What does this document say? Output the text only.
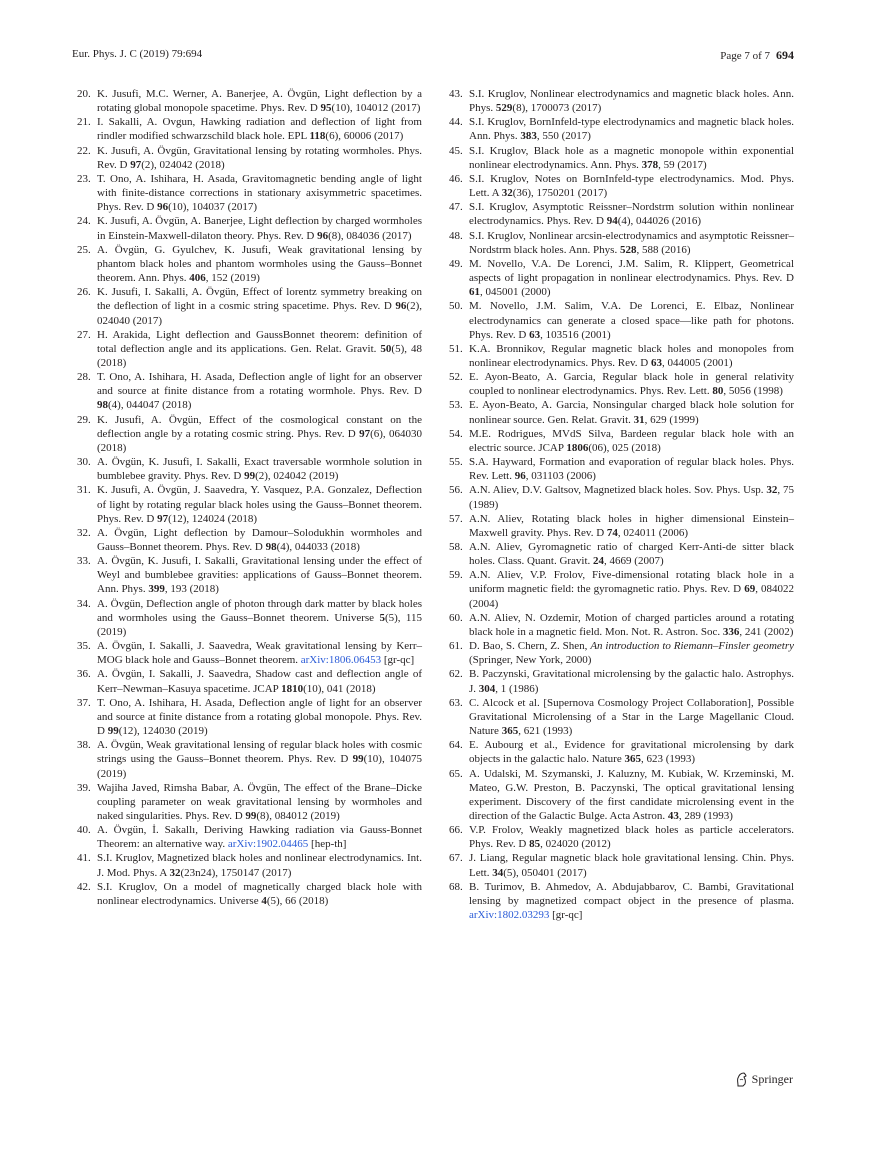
Eur. Phys. J. C (2019) 79:694	Page 7 of 7 694

20. K. Jusufi, M.C. Werner, A. Banerjee, A. Övgün, Light deflection by a rotating global monopole spacetime. Phys. Rev. D 95(10), 104012 (2017)

21. I. Sakalli, A. Ovgun, Hawking radiation and deflection of light from rindler modified schwarzschild black hole. EPL 118(6), 60006 (2017)

22. K. Jusufi, A. Övgün, Gravitational lensing by rotating wormholes. Phys. Rev. D 97(2), 024042 (2018)

23. T. Ono, A. Ishihara, H. Asada, Gravitomagnetic bending angle of light with finite-distance corrections in stationary axisymmetric spacetimes. Phys. Rev. D 96(10), 104037 (2017)

24. K. Jusufi, A. Övgün, A. Banerjee, Light deflection by charged wormholes in Einstein-Maxwell-dilaton theory. Phys. Rev. D 96(8), 084036 (2017)

25. A. Övgün, G. Gyulchev, K. Jusufi, Weak gravitational lensing by phantom black holes and phantom wormholes using the Gauss–Bonnet theorem. Ann. Phys. 406, 152 (2019)

26. K. Jusufi, I. Sakalli, A. Övgün, Effect of lorentz symmetry breaking on the deflection of light in a cosmic string spacetime. Phys. Rev. D 96(2), 024040 (2017)

27. H. Arakida, Light deflection and GaussBonnet theorem: definition of total deflection angle and its applications. Gen. Relat. Gravit. 50(5), 48 (2018)

28. T. Ono, A. Ishihara, H. Asada, Deflection angle of light for an observer and source at finite distance from a rotating wormhole. Phys. Rev. D 98(4), 044047 (2018)

29. K. Jusufi, A. Övgün, Effect of the cosmological constant on the deflection angle by a rotating cosmic string. Phys. Rev. D 97(6), 064030 (2018)

30. A. Övgün, K. Jusufi, I. Sakalli, Exact traversable wormhole solution in bumblebee gravity. Phys. Rev. D 99(2), 024042 (2019)

31. K. Jusufi, A. Övgün, J. Saavedra, Y. Vasquez, P.A. Gonzalez, Deflection of light by rotating regular black holes using the Gauss–Bonnet theorem. Phys. Rev. D 97(12), 124024 (2018)

32. A. Övgün, Light deflection by Damour–Solodukhin wormholes and Gauss–Bonnet theorem. Phys. Rev. D 98(4), 044033 (2018)

33. A. Övgün, K. Jusufi, I. Sakalli, Gravitational lensing under the effect of Weyl and bumblebee gravities: applications of Gauss–Bonnet theorem. Ann. Phys. 399, 193 (2018)

34. A. Övgün, Deflection angle of photon through dark matter by black holes and wormholes using the Gauss–Bonnet theorem. Universe 5(5), 115 (2019)

35. A. Övgün, I. Sakalli, J. Saavedra, Weak gravitational lensing by Kerr–MOG black hole and Gauss–Bonnet theorem. arXiv:1806.06453 [gr-qc]

36. A. Övgün, I. Sakalli, J. Saavedra, Shadow cast and deflection angle of Kerr–Newman–Kasuya spacetime. JCAP 1810(10), 041 (2018)

37. T. Ono, A. Ishihara, H. Asada, Deflection angle of light for an observer and source at finite distance from a rotating global monopole. Phys. Rev. D 99(12), 124030 (2019)

38. A. Övgün, Weak gravitational lensing of regular black holes with cosmic strings using the Gauss–Bonnet theorem. Phys. Rev. D 99(10), 104075 (2019)

39. Wajiha Javed, Rimsha Babar, A. Övgün, The effect of the Brane–Dicke coupling parameter on weak gravitational lensing by wormholes and naked singularities. Phys. Rev. D 99(8), 084012 (2019)

40. A. Övgün, İ. Sakallı, Deriving Hawking radiation via Gauss-Bonnet Theorem: an alternative way. arXiv:1902.04465 [hep-th]

41. S.I. Kruglov, Magnetized black holes and nonlinear electrodynamics. Int. J. Mod. Phys. A 32(23n24), 1750147 (2017)

42. S.I. Kruglov, On a model of magnetically charged black hole with nonlinear electrodynamics. Universe 4(5), 66 (2018)

43. S.I. Kruglov, Nonlinear electrodynamics and magnetic black holes. Ann. Phys. 529(8), 1700073 (2017)

44. S.I. Kruglov, BornInfeld-type electrodynamics and magnetic black holes. Ann. Phys. 383, 550 (2017)

45. S.I. Kruglov, Black hole as a magnetic monopole within exponential nonlinear electrodynamics. Ann. Phys. 378, 59 (2017)

46. S.I. Kruglov, Notes on BornInfeld-type electrodynamics. Mod. Phys. Lett. A 32(36), 1750201 (2017)

47. S.I. Kruglov, Asymptotic Reissner–Nordstrm solution within nonlinear electrodynamics. Phys. Rev. D 94(4), 044026 (2016)

48. S.I. Kruglov, Nonlinear arcsin-electrodynamics and asymptotic Reissner–Nordstrm black holes. Ann. Phys. 528, 588 (2016)

49. M. Novello, V.A. De Lorenci, J.M. Salim, R. Klippert, Geometrical aspects of light propagation in nonlinear electrodynamics. Phys. Rev. D 61, 045001 (2000)

50. M. Novello, J.M. Salim, V.A. De Lorenci, E. Elbaz, Nonlinear electrodynamics can generate a closed space—like path for photons. Phys. Rev. D 63, 103516 (2001)

51. K.A. Bronnikov, Regular magnetic black holes and monopoles from nonlinear electrodynamics. Phys. Rev. D 63, 044005 (2001)

52. E. Ayon-Beato, A. Garcia, Regular black hole in general relativity coupled to nonlinear electrodynamics. Phys. Rev. Lett. 80, 5056 (1998)

53. E. Ayon-Beato, A. Garcia, Nonsingular charged black hole solution for nonlinear source. Gen. Relat. Gravit. 31, 629 (1999)

54. M.E. Rodrigues, MVdS Silva, Bardeen regular black hole with an electric source. JCAP 1806(06), 025 (2018)

55. S.A. Hayward, Formation and evaporation of regular black holes. Phys. Rev. Lett. 96, 031103 (2006)

56. A.N. Aliev, D.V. Galtsov, Magnetized black holes. Sov. Phys. Usp. 32, 75 (1989)

57. A.N. Aliev, Rotating black holes in higher dimensional Einstein–Maxwell gravity. Phys. Rev. D 74, 024011 (2006)

58. A.N. Aliev, Gyromagnetic ratio of charged Kerr-Anti-de sitter black holes. Class. Quant. Gravit. 24, 4669 (2007)

59. A.N. Aliev, V.P. Frolov, Five-dimensional rotating black hole in a uniform magnetic field: the gyromagnetic ratio. Phys. Rev. D 69, 084022 (2004)

60. A.N. Aliev, N. Ozdemir, Motion of charged particles around a rotating black hole in a magnetic field. Mon. Not. R. Astron. Soc. 336, 241 (2002)

61. D. Bao, S. Chern, Z. Shen, An introduction to Riemann–Finsler geometry (Springer, New York, 2000)

62. B. Paczynski, Gravitational microlensing by the galactic halo. Astrophys. J. 304, 1 (1986)

63. C. Alcock et al. [Supernova Cosmology Project Collaboration], Possible Gravitational Microlensing of a Star in the Large Magellanic Cloud. Nature 365, 621 (1993)

64. E. Aubourg et al., Evidence for gravitational microlensing by dark objects in the galactic halo. Nature 365, 623 (1993)

65. A. Udalski, M. Szymanski, J. Kaluzny, M. Kubiak, W. Krzeminski, M. Mateo, G.W. Preston, B. Paczynski, The optical gravitational lensing experiment. Discovery of the first candidate microlensing event in the direction of the Galactic Bulge. Acta Astron. 43, 289 (1993)

66. V.P. Frolov, Weakly magnetized black holes as particle accelerators. Phys. Rev. D 85, 024020 (2012)

67. J. Liang, Regular magnetic black hole gravitational lensing. Chin. Phys. Lett. 34(5), 050401 (2017)

68. B. Turimov, B. Ahmedov, A. Abdujabbarov, C. Bambi, Gravitational lensing by magnetized compact object in the presence of plasma. arXiv:1802.03293 [gr-qc]

Springer
